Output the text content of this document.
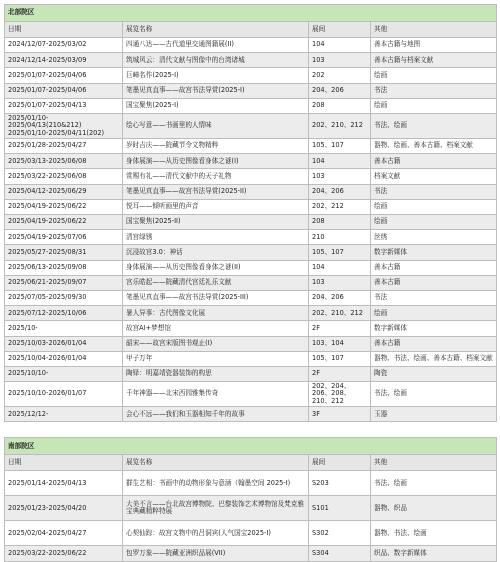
北部院区			
日期	展览名称	展间	其他
2024/12/07-2025/03/02	四通八达——古代道里交通图籍展(II)	104	善本古籍与地图
2024/12/14-2025/03/09	筑城风云：清代文献与图像中的台湾诸城	103	善本古籍与档案文献
2025/01/07-2025/04/06	巨嶂名作(2025-I)	202	绘画
2025/01/07-2025/04/06	笔墨见真直事——故宫书法导赏(2025-I)	204、206	书法
2025/01/07-2025/04/13	国宝聚焦(2025-I)	208	绘画
2025/01/10-2025/04/13(210&212)
2025/01/10-2025/04/11(202)	绘心写意——书画里的人情味	202、210、212	书法、绘画
2025/01/28-2025/04/27	岁时吉庆——院藏节令文物精粹	105、107	器物、绘画、善本古籍、档案文献
2025/03/13-2025/06/08	身体展演——从历史图像看身体之谜(I)	104	善本古籍
2025/03/22-2025/06/08	赏赐有礼——清代文献中的天子礼物	103	档案文献
2025/04/12-2025/06/29	笔墨见真直事——故宫书法导赏(2025-II)	204、206	书法
2025/04/19-2025/06/22	悦耳——倾听画里的声音	202、212	绘画
2025/04/19-2025/06/22	国宝聚焦(2025-II)	208	绘画
2025/04/19-2025/07/06	清宫绿锈	210	丝绣
2025/05/27-2025/08/31	沉浸故宫3.0：神话	105、107	数字新媒体
2025/06/13-2025/09/08	身体展演——从历史图像看身体之谜(II)	104	善本古籍
2025/06/21-2025/09/07	宫乐皓起——院藏清代宫廷礼乐文献	103	善本古籍
2025/07/05-2025/09/30	笔墨见真直事——故宫书法导赏(2025-III)	204、206	书法
2025/07/12-2025/10/06	暑人异事：古代图像文化展	202、210、212	绘画
2025/10-	故宫AI+梦想馆	2F	数字新媒体
2025/10/03-2026/01/04	韶宋——故宫宋版图书观止(I)	103、104	善本古籍
2025/10/04-2026/01/04	甲子万年	105、107	器物、书法、绘画、善本古籍、档案文献
2025/10/10-	陶铎：明嘉靖瓷器装饰的构思	2F	陶瓷
2025/10/10-2026/01/07	千年神器——北宋西园雅集传奇	202、204、206、208、210、212	书法、绘画
2025/12/12-	会心不远——我们和玉器相知千年的故事	3F	玉器
南部院区			
日期	展览名称	展间	其他
2025/01/14-2025/04/13	群生艺相：书画中的动物形象与意涵（翰墨空间 2025-I)	S203	书法、绘画
2025/01/23-2025/04/20	大美不言——台北故宫博物院、巴黎装饰艺术博物馆及梵克雅宝典藏精粹特展	S101	器物、织品
2025/02/04-2025/04/27	心契仙踪：故宫文物中的吕洞宾(人气国宝2025-I)	S302	器物、书法、绘画
2025/03/22-2025/06/22	包罗万象——院藏亚洲织品展(VII)	S304	织品、数字新媒体
